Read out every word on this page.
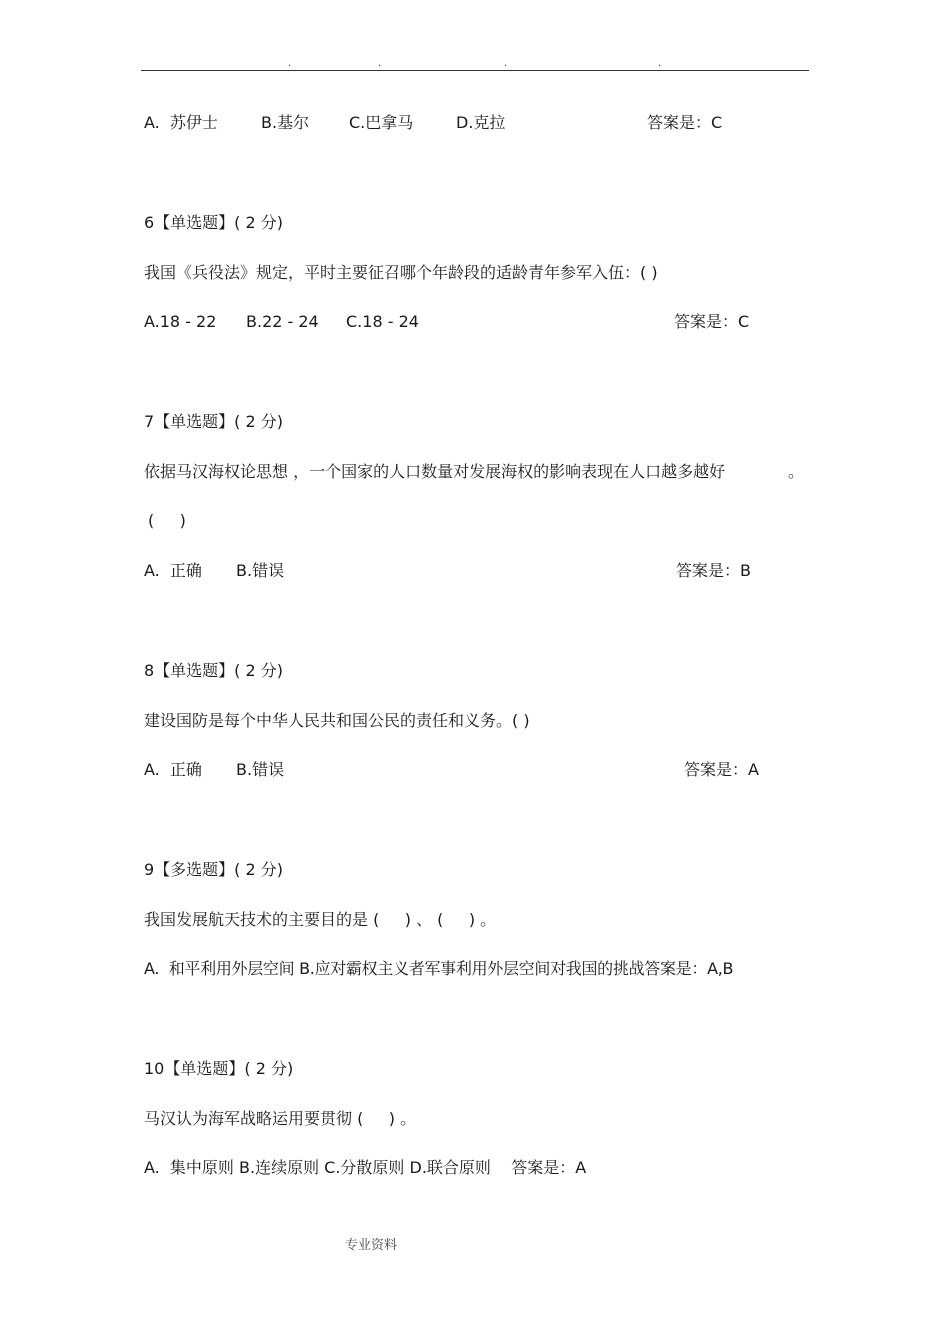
.	.	.	.
A.  苏伊士	B.基尔 C.巴拿马	D.克拉	答案是：C
6【单选题】( 2 分)
我国《兵役法》规定，平时主要征召哪个年龄段的适龄青年参军入伍：( )
A.18 - 22 B.22 - 24 C.18 - 24	答案是：C
7【单选题】( 2 分)
依据马汉海权论思想 ，一个国家的人口数量对发展海权的影响表现在人口越多越好	。
(     )
A.  正确 B.错误	答案是：B
8【单选题】( 2 分)
建设国防是每个中华人民共和国公民的责任和义务。( )
A.  正确 B.错误	答案是：A
9【多选题】( 2 分)
我国发展航天技术的主要目的是 (     ) 、 (     ) 。
A.  和平利用外层空间 B.应对霸权主义者军事利用外层空间对我国的挑战答案是：A,B
10【单选题】( 2 分)
马汉认为海军战略运用要贯彻 (     ) 。
A.  集中原则 B.连续原则 C.分散原则 D.联合原则    答案是：A
专业资料
